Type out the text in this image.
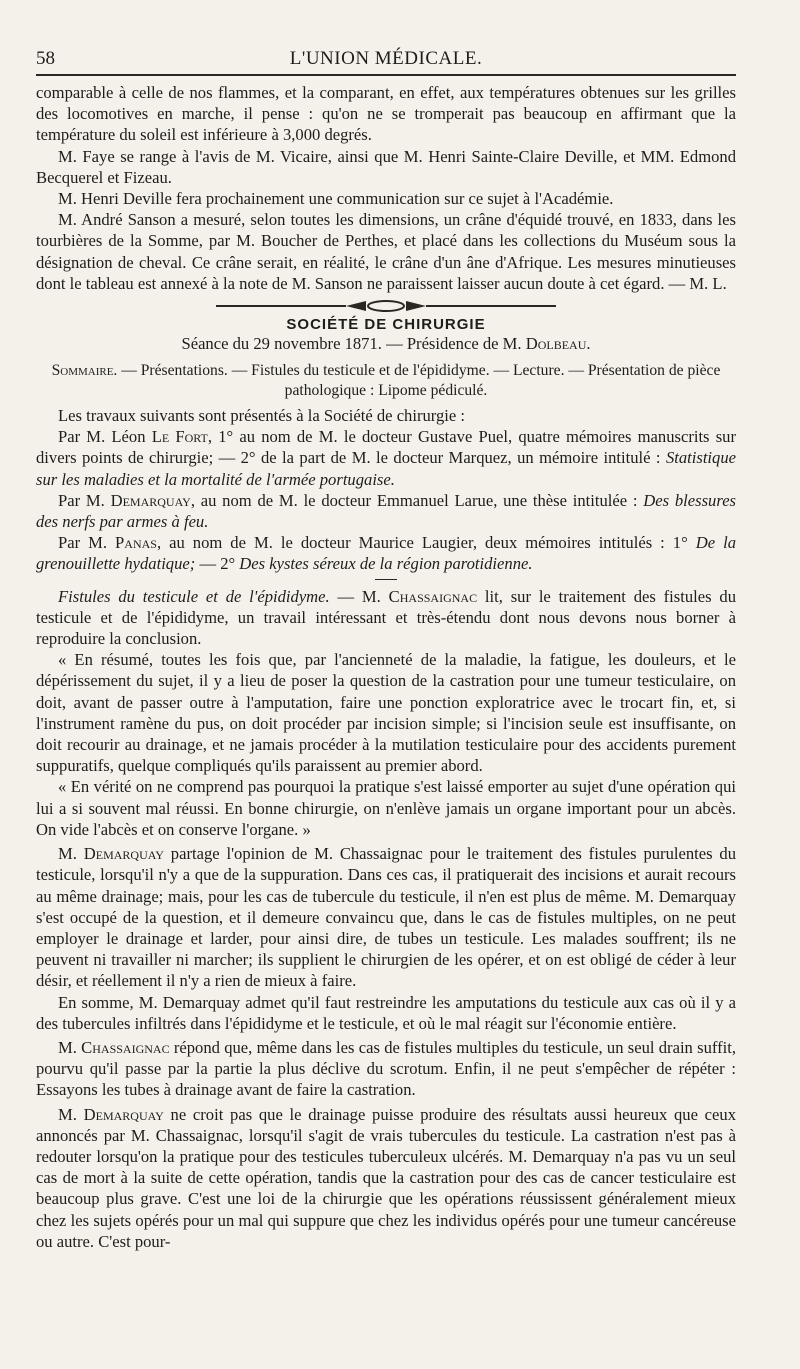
58	L'UNION MÉDICALE.

comparable à celle de nos flammes, et la comparant, en effet, aux températures obtenues sur les grilles des locomotives en marche, il pense : qu'on ne se tromperait pas beaucoup en affirmant que la température du soleil est inférieure à 3,000 degrés.

M. Faye se range à l'avis de M. Vicaire, ainsi que M. Henri Sainte-Claire Deville, et MM. Edmond Becquerel et Fizeau.

M. Henri Deville fera prochainement une communication sur ce sujet à l'Académie.

M. André Sanson a mesuré, selon toutes les dimensions, un crâne d'équidé trouvé, en 1833, dans les tourbières de la Somme, par M. Boucher de Perthes, et placé dans les collections du Muséum sous la désignation de cheval. Ce crâne serait, en réalité, le crâne d'un âne d'Afrique. Les mesures minutieuses dont le tableau est annexé à la note de M. Sanson ne paraissent laisser aucun doute à cet égard. — M. L.

SOCIÉTÉ DE CHIRURGIE
Séance du 29 novembre 1871. — Présidence de M. Dolbeau.
Sommaire. — Présentations. — Fistules du testicule et de l'épididyme. — Lecture. — Présentation de pièce pathologique : Lipome pédiculé.

Les travaux suivants sont présentés à la Société de chirurgie :

Par M. Léon Le Fort, 1° au nom de M. le docteur Gustave Puel, quatre mémoires manuscrits sur divers points de chirurgie; — 2° de la part de M. le docteur Marquez, un mémoire intitulé : Statistique sur les maladies et la mortalité de l'armée portugaise.

Par M. Demarquay, au nom de M. le docteur Emmanuel Larue, une thèse intitulée : Des blessures des nerfs par armes à feu.

Par M. Panas, au nom de M. le docteur Maurice Laugier, deux mémoires intitulés : 1° De la grenouillette hydatique; — 2° Des kystes séreux de la région parotidienne.

Fistules du testicule et de l'épididyme. — M. Chassaignac lit, sur le traitement des fistules du testicule et de l'épididyme, un travail intéressant et très-étendu dont nous devons nous borner à reproduire la conclusion.

« En résumé, toutes les fois que, par l'ancienneté de la maladie, la fatigue, les douleurs, et le dépérissement du sujet, il y a lieu de poser la question de la castration pour une tumeur testiculaire, on doit, avant de passer outre à l'amputation, faire une ponction exploratrice avec le trocart fin, et, si l'instrument ramène du pus, on doit procéder par incision simple; si l'incision seule est insuffisante, on doit recourir au drainage, et ne jamais procéder à la mutilation testiculaire pour des accidents purement suppuratifs, quelque compliqués qu'ils paraissent au premier abord.

« En vérité on ne comprend pas pourquoi la pratique s'est laissé emporter au sujet d'une opération qui lui a si souvent mal réussi. En bonne chirurgie, on n'enlève jamais un organe important pour un abcès. On vide l'abcès et on conserve l'organe. »

M. Demarquay partage l'opinion de M. Chassaignac pour le traitement des fistules purulentes du testicule, lorsqu'il n'y a que de la suppuration. Dans ces cas, il pratiquerait des incisions et aurait recours au même drainage; mais, pour les cas de tubercule du testicule, il n'en est plus de même. M. Demarquay s'est occupé de la question, et il demeure convaincu que, dans le cas de fistules multiples, on ne peut employer le drainage et larder, pour ainsi dire, de tubes un testicule. Les malades souffrent; ils ne peuvent ni travailler ni marcher; ils supplient le chirurgien de les opérer, et on est obligé de céder à leur désir, et réellement il n'y a rien de mieux à faire.

En somme, M. Demarquay admet qu'il faut restreindre les amputations du testicule aux cas où il y a des tubercules infiltrés dans l'épididyme et le testicule, et où le mal réagit sur l'économie entière.

M. Chassaignac répond que, même dans les cas de fistules multiples du testicule, un seul drain suffit, pourvu qu'il passe par la partie la plus déclive du scrotum. Enfin, il ne peut s'empêcher de répéter : Essayons les tubes à drainage avant de faire la castration.

M. Demarquay ne croit pas que le drainage puisse produire des résultats aussi heureux que ceux annoncés par M. Chassaignac, lorsqu'il s'agit de vrais tubercules du testicule. La castration n'est pas à redouter lorsqu'on la pratique pour des testicules tuberculeux ulcérés. M. Demarquay n'a pas vu un seul cas de mort à la suite de cette opération, tandis que la castration pour des cas de cancer testiculaire est beaucoup plus grave. C'est une loi de la chirurgie que les opérations réussissent généralement mieux chez les sujets opérés pour un mal qui suppure que chez les individus opérés pour une tumeur cancéreuse ou autre. C'est pour-
